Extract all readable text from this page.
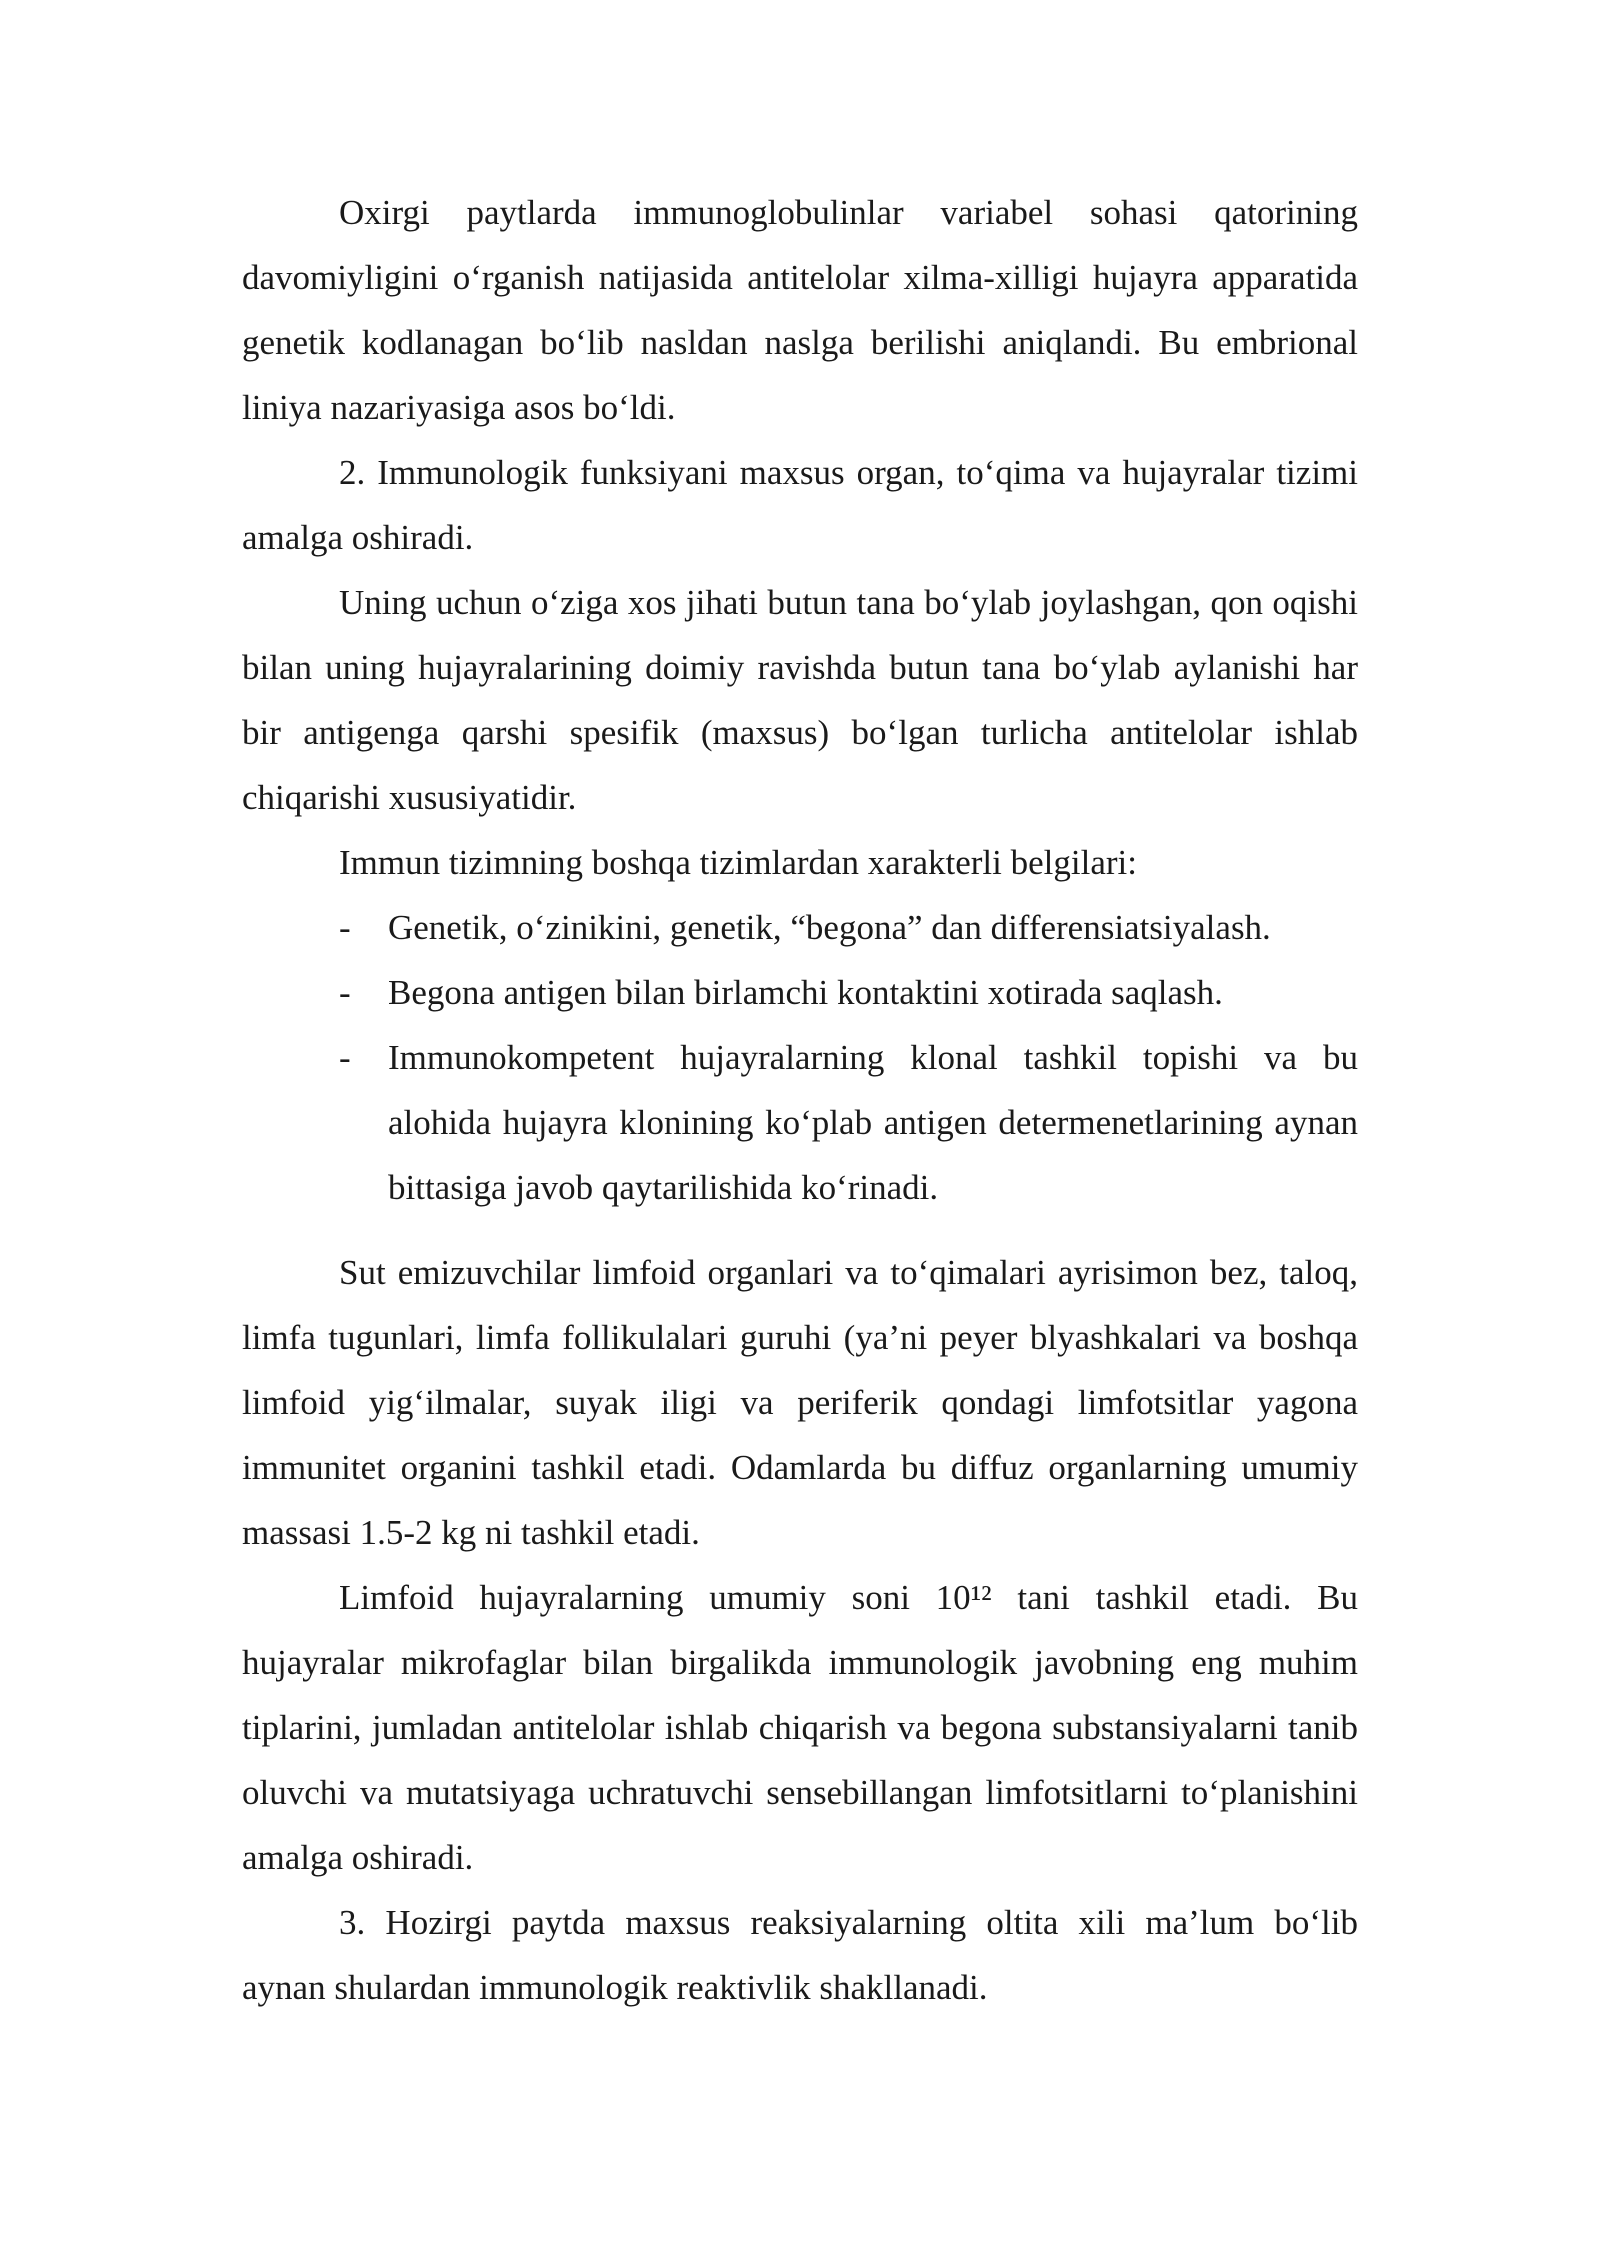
Oxirgi paytlarda immunoglobulinlar variabel sohasi qatorining davomiyligini o‘rganish natijasida antitelolar xilma-xilligi hujayra apparatida genetik kodlanagan bo‘lib nasldan naslga berilishi aniqlandi. Bu embrional liniya nazariyasiga asos bo‘ldi.

2. Immunologik funksiyani maxsus organ, to‘qima va hujayralar tizimi amalga oshiradi.

Uning uchun o‘ziga xos jihati butun tana bo‘ylab joylashgan, qon oqishi bilan uning hujayralarining doimiy ravishda butun tana bo‘ylab aylanishi har bir antigenga qarshi spesifik (maxsus) bo‘lgan turlicha antitelolar ishlab chiqarishi xususiyatidir.

Immun tizimning boshqa tizimlardan xarakterli belgilari:

- Genetik, o‘zinikini, genetik, “begona” dan differensiatsiyalash.
- Begona antigen bilan birlamchi kontaktini xotirada saqlash.
- Immunokompetent hujayralarning klonal tashkil topishi va bu alohida hujayra klonining ko‘plab antigen determenetlarining aynan bittasiga javob qaytarilishida ko‘rinadi.

Sut emizuvchilar limfoid organlari va to‘qimalari ayrisimon bez, taloq, limfa tugunlari, limfa follikulalari guruhi (ya’ni peyer blyashkalari va boshqa limfoid yig‘ilmalar, suyak iligi va periferik qondagi limfotsitlar yagona immunitet organini tashkil etadi. Odamlarda bu diffuz organlarning umumiy massasi 1.5-2 kg ni tashkil etadi.

Limfoid hujayralarning umumiy soni 10¹² tani tashkil etadi. Bu hujayralar mikrofaglar bilan birgalikda immunologik javobning eng muhim tiplarini, jumladan antitelolar ishlab chiqarish va begona substansiyalarni tanib oluvchi va mutatsiyaga uchratuvchi sensebillangan limfotsitlarni to‘planishini amalga oshiradi.

3. Hozirgi paytda maxsus reaksiyalarning oltita xili ma’lum bo‘lib aynan shulardan immunologik reaktivlik shakllanadi.
